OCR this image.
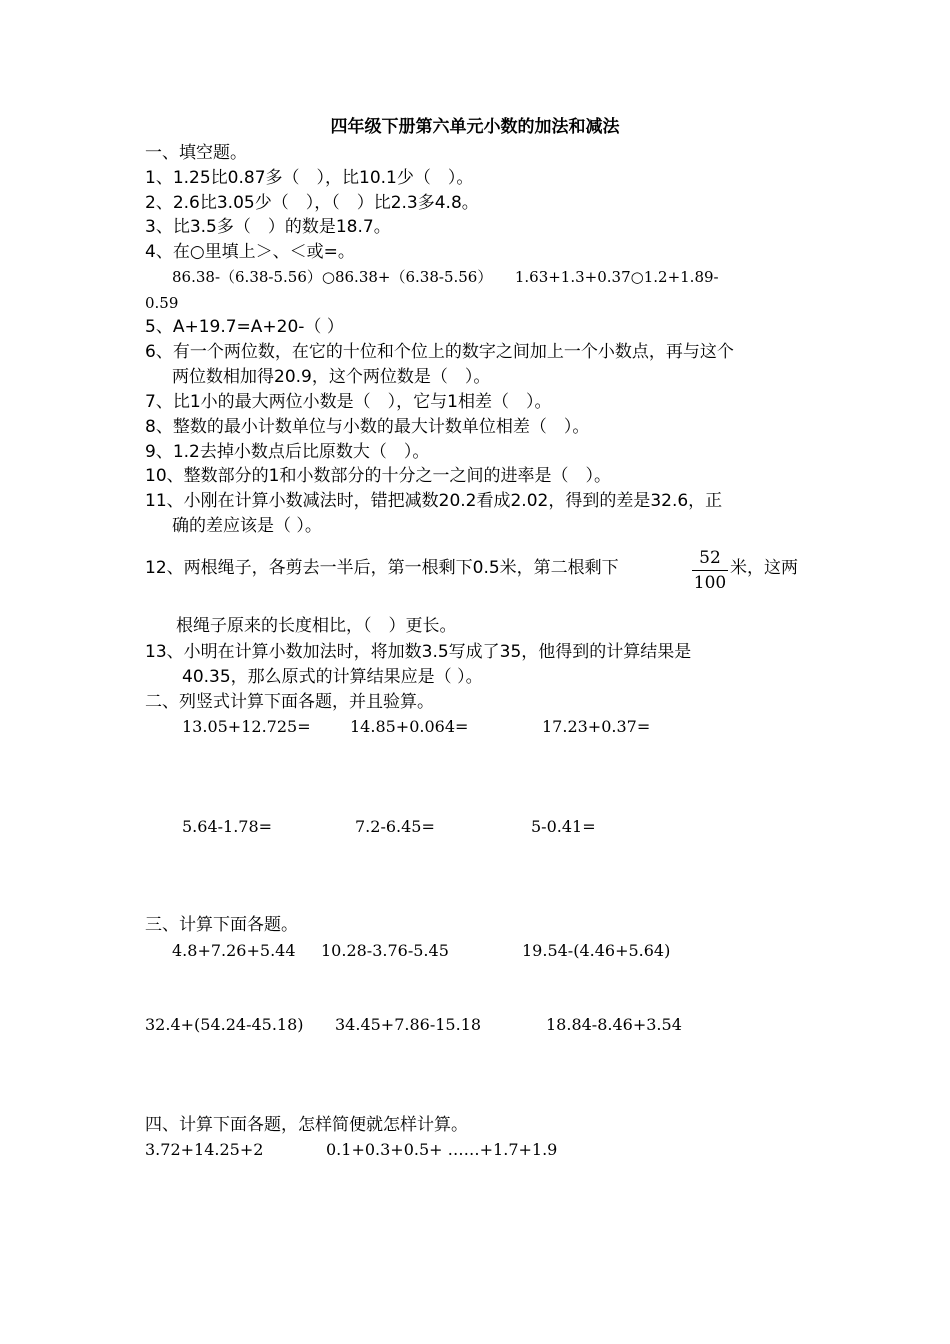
四年级下册第六单元小数的加法和减法
一、填空题。
1、1.25比0.87多（　），比10.1少（　）。
2、2.6比3.05少（　），（　）比2.3多4.8。
3、比3.5多（　）的数是18.7。
4、在○里填上＞、＜或=。
86.38-（6.38-5.56）○86.38+（6.38-5.56）　　1.63+1.3+0.37○1.2+1.89-
0.59
5、A+19.7=A+20-（ ）
6、有一个两位数，在它的十位和个位上的数字之间加上一个小数点，再与这个
两位数相加得20.9，这个两位数是（　）。
7、比1小的最大两位小数是（　），它与1相差（　）。
8、整数的最小计数单位与小数的最大计数单位相差（　）。
9、1.2去掉小数点后比原数大（　）。
10、整数部分的1和小数部分的十分之一之间的进率是（　）。
11、小刚在计算小数减法时，错把减数20.2看成2.02，得到的差是32.6，正
确的差应该是（ ）。
12、两根绳子，各剪去一半后，第一根剩下0.5米，第二根剩下	52
100
米，这两
根绳子原来的长度相比，（　）更长。
13、小明在计算小数加法时，将加数3.5写成了35，他得到的计算结果是
40.35，那么原式的计算结果应是（ ）。
二、列竖式计算下面各题，并且验算。
13.05+12.725= 14.85+0.064=	17.23+0.37=
5.64-1.78=	7.2-6.45=	5-0.41=
三、计算下面各题。
4.8+7.26+5.44 10.28-3.76-5.45	19.54-(4.46+5.64)
32.4+(54.24-45.18) 34.45+7.86-15.18	18.84-8.46+3.54
四、计算下面各题，怎样简便就怎样计算。
3.72+14.25+2	0.1+0.3+0.5+ ……+1.7+1.9
